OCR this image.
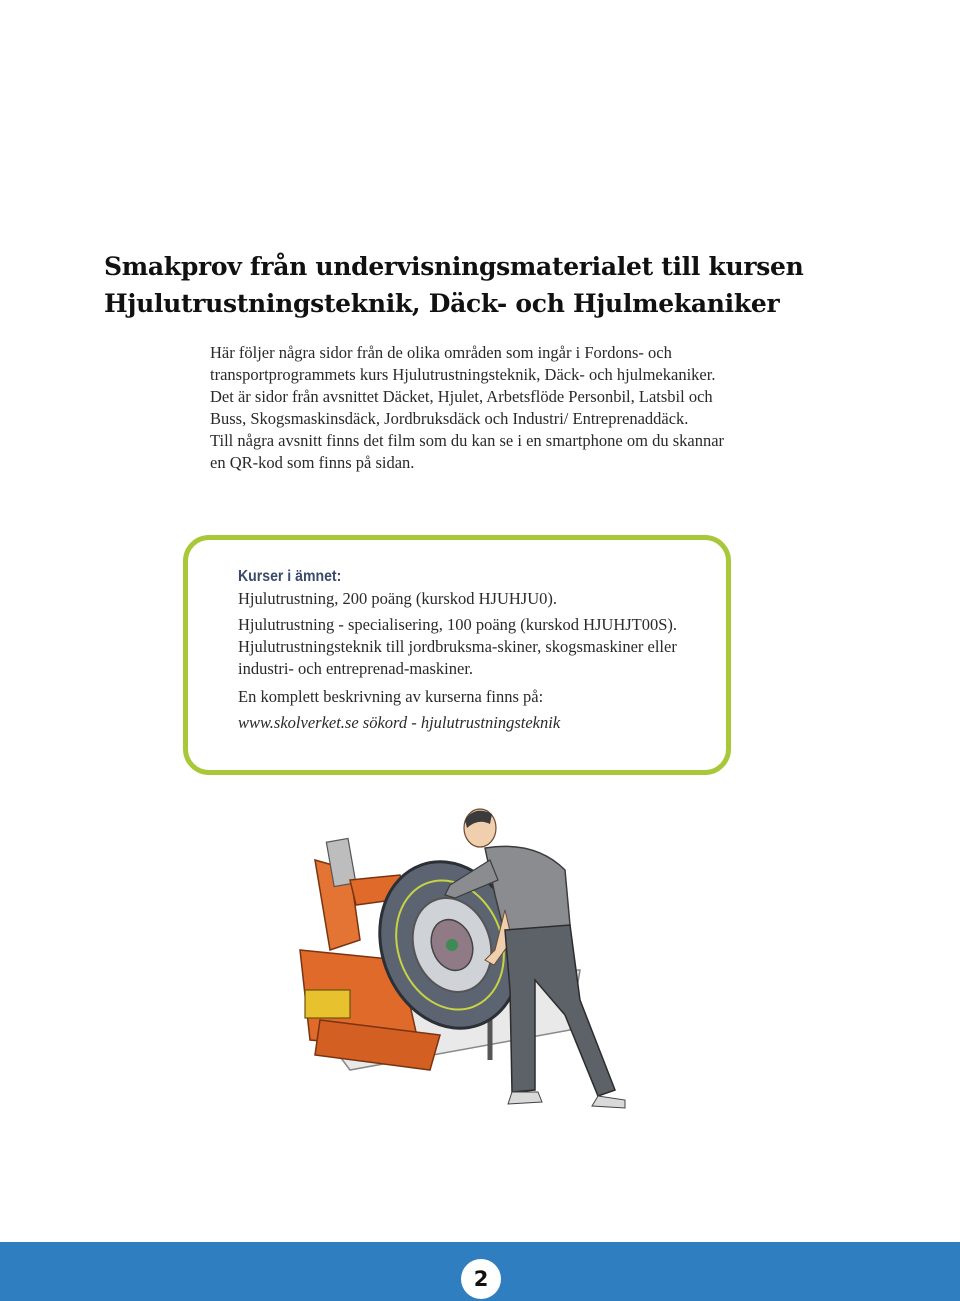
Smakprov från undervisningsmaterialet till kursen
Hjulutrustningsteknik, Däck- och Hjulmekaniker

Här följer några sidor från de olika områden som ingår i Fordons- och transportprogrammets kurs Hjulutrustningsteknik, Däck- och hjulmekaniker.

Det är sidor från avsnittet Däcket, Hjulet, Arbetsflöde Personbil, Latsbil och Buss, Skogsmaskinsdäck, Jordbruksdäck och Industri/ Entreprenaddäck.

Till några avsnitt finns det film som du kan se i en smartphone om du skannar en QR-kod som finns på sidan.

Kurser i ämnet:

Hjulutrustning, 200 poäng (kurskod HJUHJU0).

Hjulutrustning - specialisering, 100 poäng (kurskod HJUHJT00S). Hjulutrustningsteknik till jordbruksma-skiner, skogsmaskiner eller industri- och entreprenad-maskiner.

En komplett beskrivning av kurserna finns på:

www.skolverket.se sökord - hjulutrustningsteknik

2
